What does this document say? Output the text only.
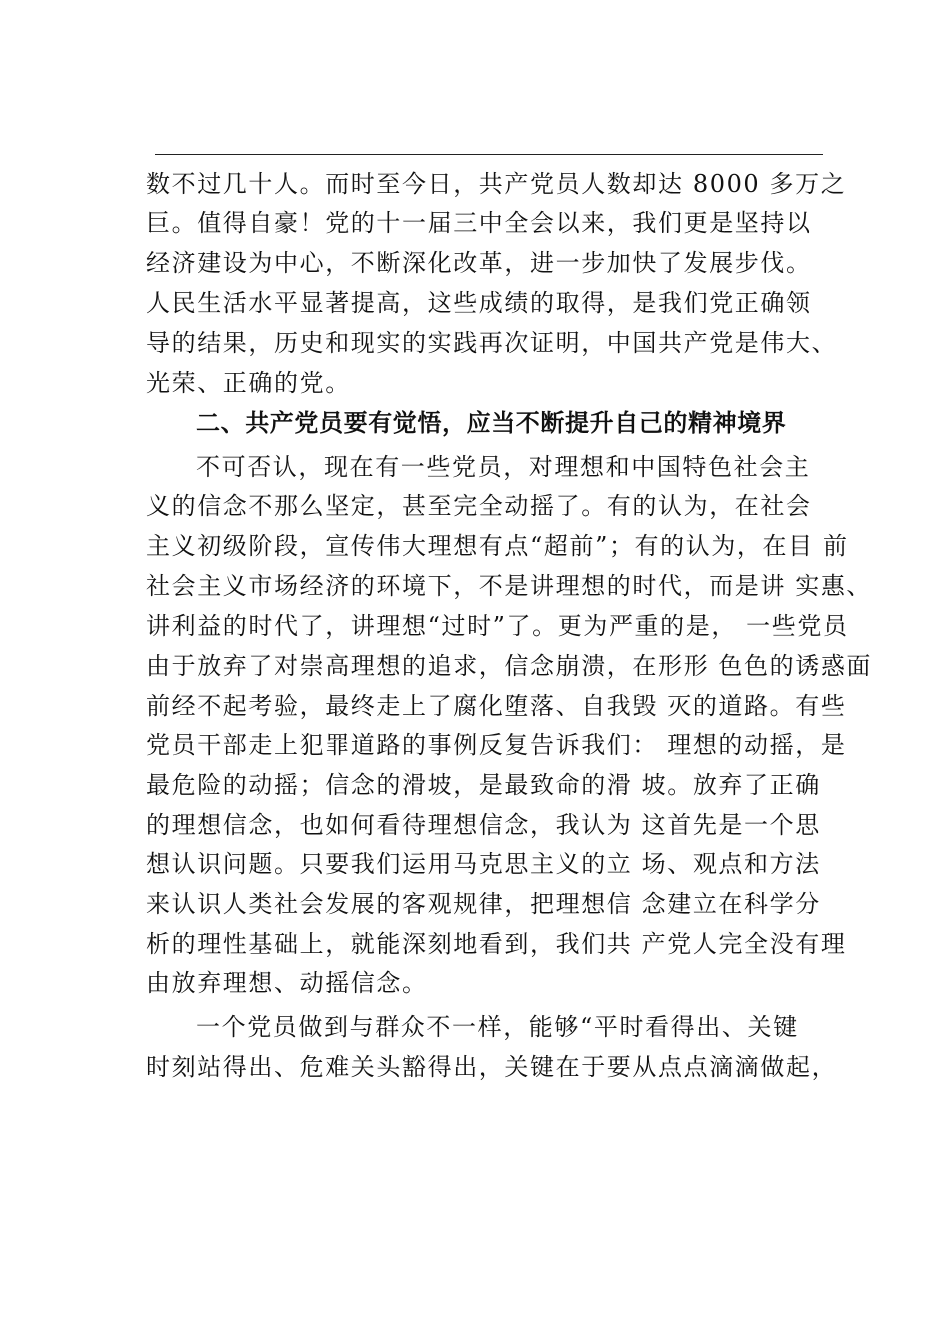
数不过几十人。而时至今日，共产党员人数却达 8000 多万之
巨。值得自豪！党的十一届三中全会以来，我们更是坚持以
经济建设为中心，不断深化改革，进一步加快了发展步伐。
人民生活水平显著提高，这些成绩的取得，是我们党正确领
导的结果，历史和现实的实践再次证明，中国共产党是伟大、
光荣、正确的党。
二、共产党员要有觉悟，应当不断提升自己的精神境界
不可否认，现在有一些党员，对理想和中国特色社会主
义的信念不那么坚定，甚至完全动摇了。有的认为，在社会
主义初级阶段，宣传伟大理想有点“超前”；有的认为，在目 前
社会主义市场经济的环境下，不是讲理想的时代，而是讲 实惠、
讲利益的时代了，讲理想“过时”了。更为严重的是， 一些党员
由于放弃了对崇高理想的追求，信念崩溃，在形形 色色的诱惑面
前经不起考验，最终走上了腐化堕落、自我毁 灭的道路。有些
党员干部走上犯罪道路的事例反复告诉我们： 理想的动摇，是
最危险的动摇；信念的滑坡，是最致命的滑 坡。放弃了正确
的理想信念，也如何看待理想信念，我认为 这首先是一个思
想认识问题。只要我们运用马克思主义的立 场、观点和方法
来认识人类社会发展的客观规律，把理想信 念建立在科学分
析的理性基础上，就能深刻地看到，我们共 产党人完全没有理
由放弃理想、动摇信念。
一个党员做到与群众不一样，能够“平时看得出、关键
时刻站得出、危难关头豁得出，关键在于要从点点滴滴做起，
